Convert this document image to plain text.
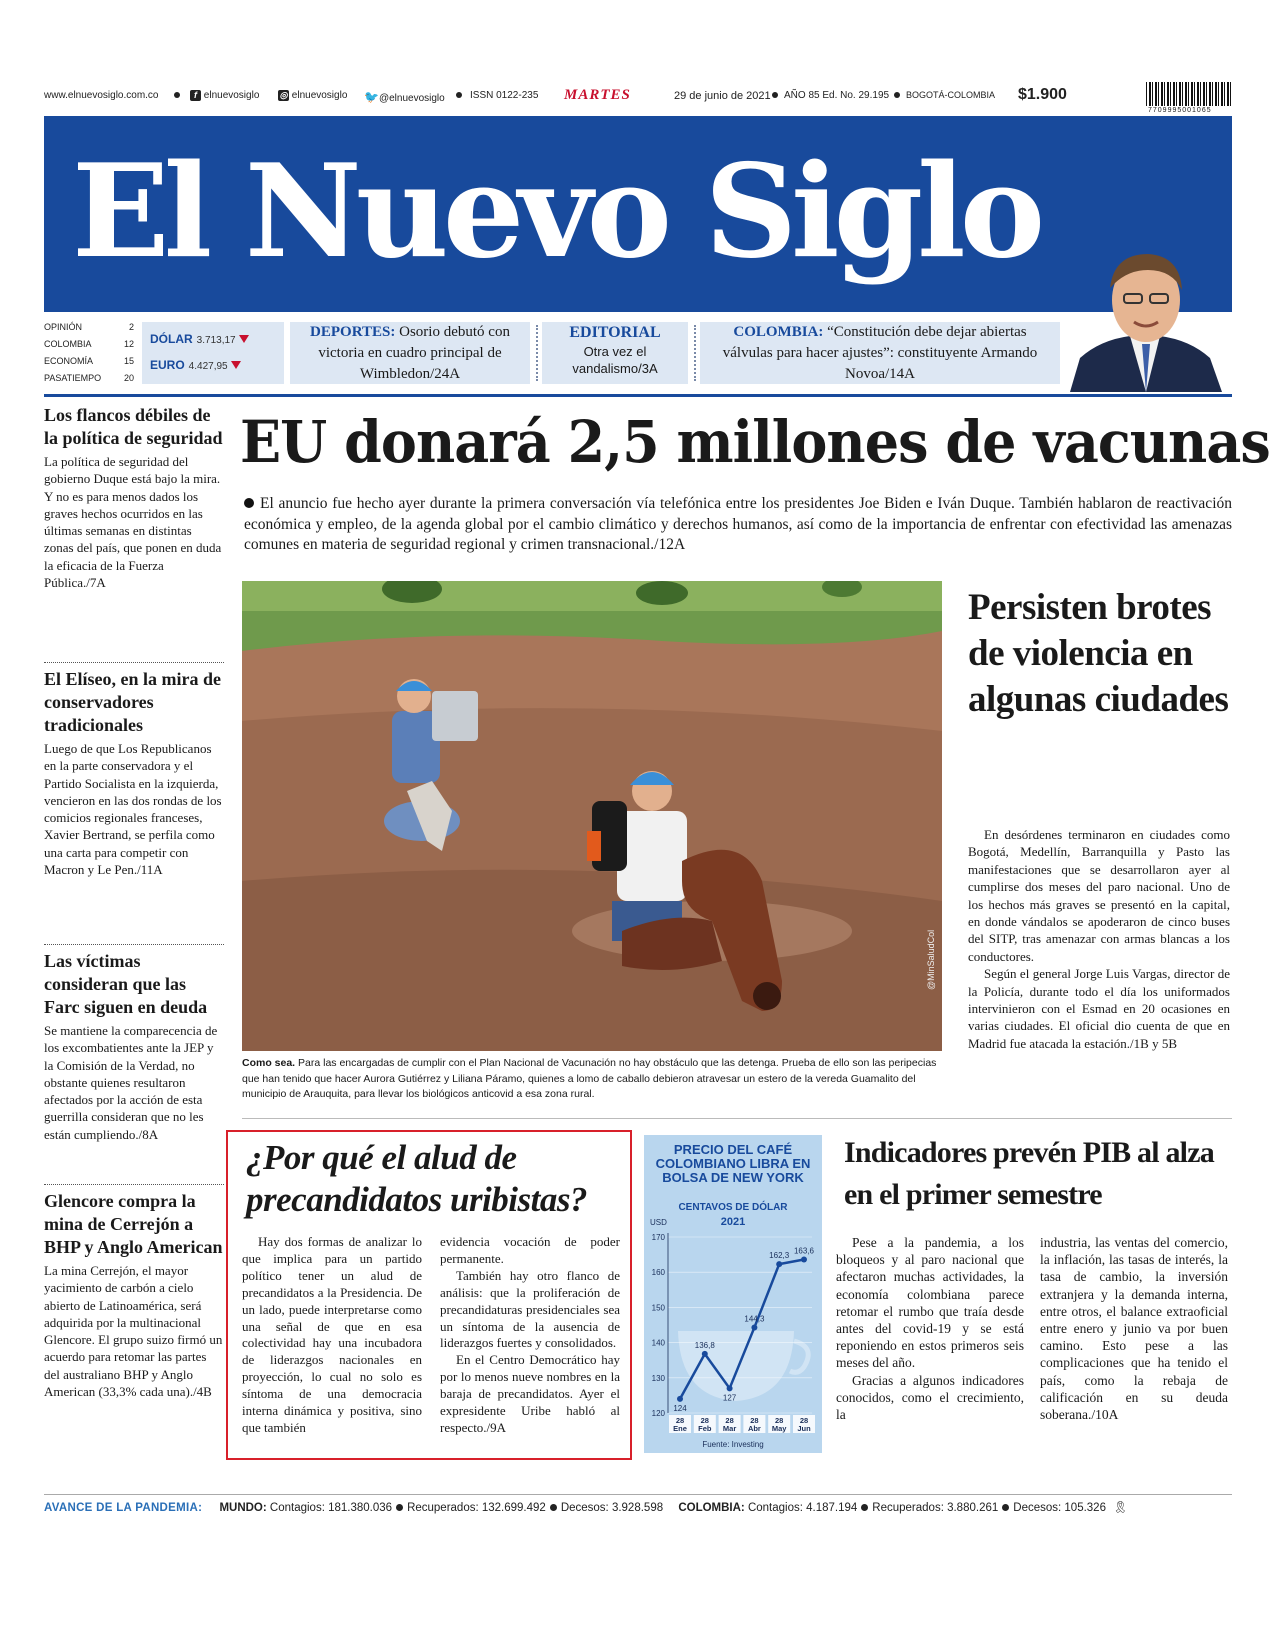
www.elnuevosiglo.com.co	f elnuevosiglo ◎ elnuevosiglo 🐦@elnuevosiglo	ISSN 0122-235 MARTES	29 de junio de 2021 AÑO 85 Ed. No. 29.195 BOGOTÁ-COLOMBIA $1.900
7709995001065
El Nuevo Siglo
OPINIÓN	2
COLOMBIA	12
ECONOMÍA	15
PASATIEMPO	20
DÓLAR 3.713,17
EURO 4.427,95
DEPORTES: Osorio debutó con victoria en cuadro principal de Wimbledon/24A
EDITORIAL
Otra vez el vandalismo/3A
COLOMBIA: “Constitución debe dejar abiertas válvulas para hacer ajustes”: constituyente Armando Novoa/14A
Los flancos débiles de la política de seguridad

La política de seguridad del gobierno Duque está bajo la mira. Y no es para menos dados los graves hechos ocurridos en las últimas semanas en distintas zonas del país, que ponen en duda la eficacia de la Fuerza Pública./7A

El Elíseo, en la mira de conservadores tradicionales

Luego de que Los Republicanos en la parte conservadora y el Partido Socialista en la izquierda, vencieron en las dos rondas de los comicios regionales franceses, Xavier Bertrand, se perfila como una carta para competir con Macron y Le Pen./11A

Las víctimas consideran que las Farc siguen en deuda

Se mantiene la comparecencia de los excombatientes ante la JEP y la Comisión de la Verdad, no obstante quienes resultaron afectados por la acción de esta guerrilla consideran que no les están cumpliendo./8A

Glencore compra la mina de Cerrejón a BHP y Anglo American

La mina Cerrejón, el mayor yacimiento de carbón a cielo abierto de Latinoamérica, será adquirida por la multinacional Glencore. El grupo suizo firmó un acuerdo para retomar las partes del australiano BHP y Anglo American (33,3% cada una)./4B

EU donará 2,5 millones de vacunas
El anuncio fue hecho ayer durante la primera conversación vía telefónica entre los presidentes Joe Biden e Iván Duque. También hablaron de reactivación económica y empleo, de la agenda global por el cambio climático y derechos humanos, así como de la importancia de enfrentar con efectividad las amenazas comunes en materia de seguridad regional y crimen transnacional./12A
@MinSaludCol
Como sea. Para las encargadas de cumplir con el Plan Nacional de Vacunación no hay obstáculo que las detenga. Prueba de ello son las peripecias que han tenido que hacer Aurora Gutiérrez y Liliana Páramo, quienes a lomo de caballo debieron atravesar un estero de la vereda Guamalito del municipio de Arauquita, para llevar los biológicos anticovid a esa zona rural.
Persisten brotes de violencia en algunas ciudades

En desórdenes terminaron en ciudades como Bogotá, Medellín, Barranquilla y Pasto las manifestaciones que se desarrollaron ayer al cumplirse dos meses del paro nacional. Uno de los hechos más graves se presentó en la capital, en donde vándalos se apoderaron de cinco buses del SITP, tras amenazar con armas blancas a los conductores.

Según el general Jorge Luis Vargas, director de la Policía, durante todo el día los uniformados intervinieron con el Esmad en 20 ocasiones en varias ciudades. El oficial dio cuenta de que en Madrid fue atacada la estación./1B y 5B

¿Por qué el alud de precandidatos uribistas?

Hay dos formas de analizar lo que implica para un partido político tener un alud de precandidatos a la Presidencia. De un lado, puede interpretarse como una señal de que en esa colectividad hay una incubadora de liderazgos nacionales en proyección, lo cual no solo es síntoma de una democracia interna dinámica y positiva, sino que también

evidencia vocación de poder permanente.

También hay otro flanco de análisis: que la proliferación de precandidaturas presidenciales sea un síntoma de la ausencia de liderazgos fuertes y consolidados.

En el Centro Democrático hay por lo menos nueve nombres en la baraja de precandidatos. Ayer el expresidente Uribe habló al respecto./9A

PRECIO DEL CAFÉ COLOMBIANO LIBRA EN BOLSA DE NEW YORK
CENTAVOS DE DÓLAR
2021
USD
120
130
140
150
160
170
28
Ene
28
Feb
28
Mar
28
Abr
28
May
28
Jun
124
136,8
127
144,3
162,3
163,6
Fuente: Investing
Indicadores prevén PIB al alza en el primer semestre

Pese a la pandemia, a los bloqueos y al paro nacional que afectaron muchas actividades, la economía colombiana parece retomar el rumbo que traía desde antes del covid-19 y se está reponiendo en estos primeros seis meses del año.

Gracias a algunos indicadores conocidos, como el crecimiento, la

industria, las ventas del comercio, la inflación, las tasas de interés, la tasa de cambio, la inversión extranjera y la demanda interna, entre otros, el balance extraoficial entre enero y junio va por buen camino. Esto pese a las complicaciones que ha tenido el país, como la rebaja de calificación en su deuda soberana./10A

AVANCE DE LA PANDEMIA: MUNDO: Contagios: 181.380.036 Recuperados: 132.699.492 Decesos: 3.928.598 COLOMBIA: Contagios: 4.187.194 Recuperados: 3.880.261 Decesos: 105.326 🎗
